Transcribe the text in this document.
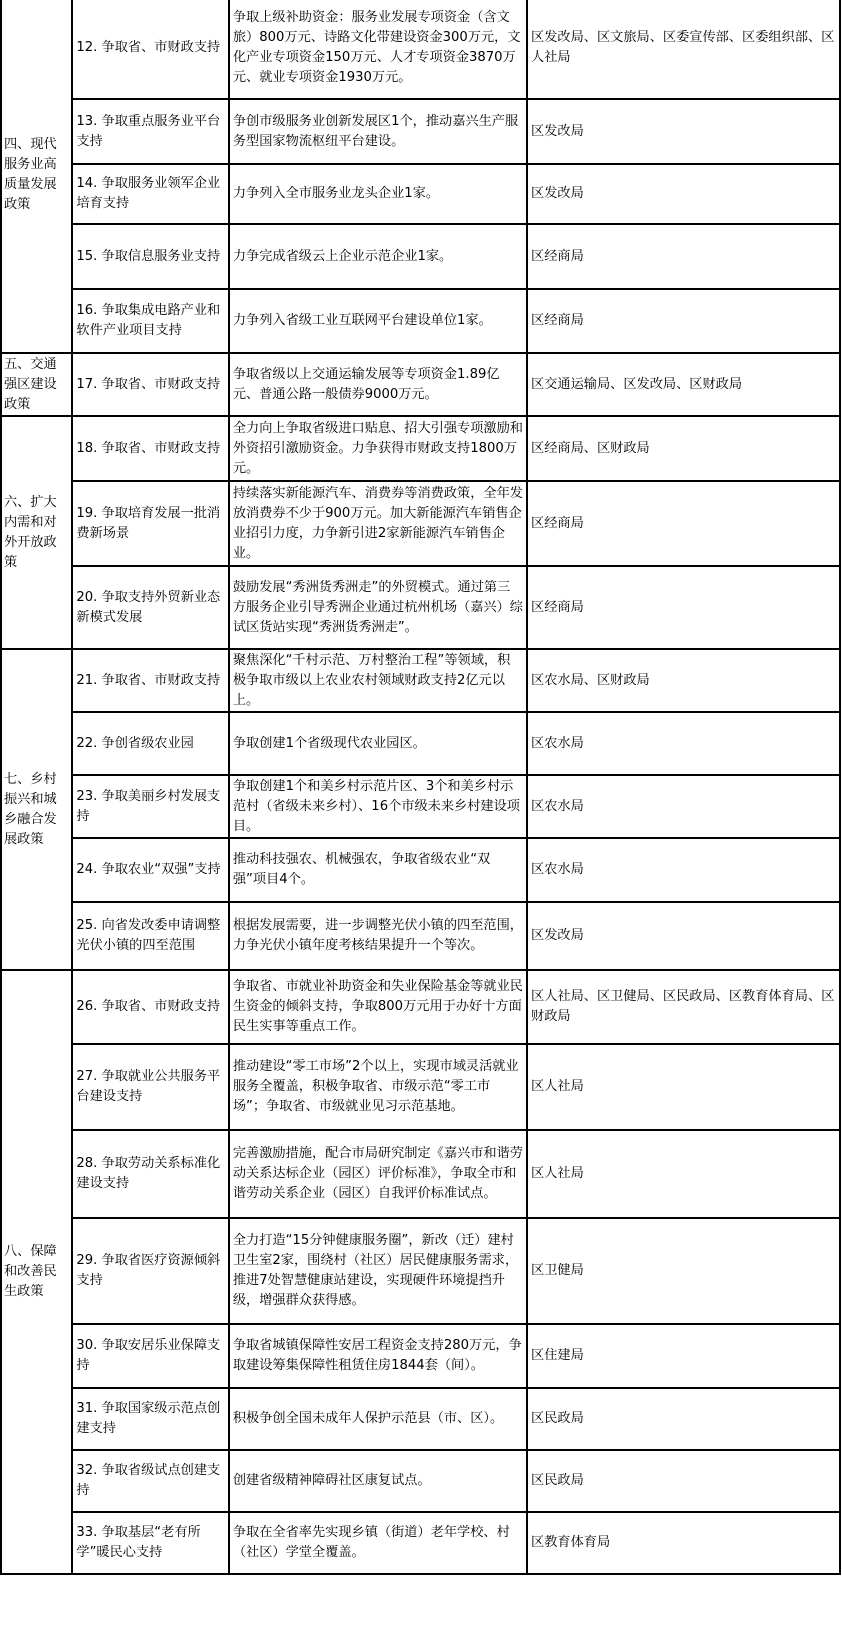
四、现代服务业高质量发展政策	12. 争取省、市财政支持	争取上级补助资金：服务业发展专项资金（含文旅）800万元、诗路文化带建设资金300万元，文化产业专项资金150万元、人才专项资金3870万元、就业专项资金1930万元。	区发改局、区文旅局、区委宣传部、区委组织部、区人社局
	13. 争取重点服务业平台支持	争创市级服务业创新发展区1个，推动嘉兴生产服务型国家物流枢纽平台建设。	区发改局
	14. 争取服务业领军企业培育支持	力争列入全市服务业龙头企业1家。	区发改局
	15. 争取信息服务业支持	力争完成省级云上企业示范企业1家。	区经商局
	16. 争取集成电路产业和软件产业项目支持	力争列入省级工业互联网平台建设单位1家。	区经商局
五、交通强区建设政策	17. 争取省、市财政支持	争取省级以上交通运输发展等专项资金1.89亿元、普通公路一般债券9000万元。	区交通运输局、区发改局、区财政局
六、扩大内需和对外开放政策	18. 争取省、市财政支持	全力向上争取省级进口贴息、招大引强专项激励和外资招引激励资金。力争获得市财政支持1800万元。	区经商局、区财政局
	19. 争取培育发展一批消费新场景	持续落实新能源汽车、消费券等消费政策，全年发放消费券不少于900万元。加大新能源汽车销售企业招引力度，力争新引进2家新能源汽车销售企业。	区经商局
	20. 争取支持外贸新业态新模式发展	鼓励发展“秀洲货秀洲走”的外贸模式。通过第三方服务企业引导秀洲企业通过杭州机场（嘉兴）综试区货站实现“秀洲货秀洲走”。	区经商局
七、乡村振兴和城乡融合发展政策	21. 争取省、市财政支持	聚焦深化“千村示范、万村整治工程”等领域，积极争取市级以上农业农村领域财政支持2亿元以上。	区农水局、区财政局
	22. 争创省级农业园	争取创建1个省级现代农业园区。	区农水局
	23. 争取美丽乡村发展支持	争取创建1个和美乡村示范片区、3个和美乡村示范村（省级未来乡村）、16个市级未来乡村建设项目。	区农水局
	24. 争取农业“双强”支持	推动科技强农、机械强农，争取省级农业“双强”项目4个。	区农水局
	25. 向省发改委申请调整光伏小镇的四至范围	根据发展需要，进一步调整光伏小镇的四至范围，力争光伏小镇年度考核结果提升一个等次。	区发改局
八、保障和改善民生政策	26. 争取省、市财政支持	争取省、市就业补助资金和失业保险基金等就业民生资金的倾斜支持，争取800万元用于办好十方面民生实事等重点工作。	区人社局、区卫健局、区民政局、区教育体育局、区财政局
	27. 争取就业公共服务平台建设支持	推动建设“零工市场”2个以上，实现市域灵活就业服务全覆盖，积极争取省、市级示范“零工市场”；争取省、市级就业见习示范基地。	区人社局
	28. 争取劳动关系标准化建设支持	完善激励措施，配合市局研究制定《嘉兴市和谐劳动关系达标企业（园区）评价标准》，争取全市和谐劳动关系企业（园区）自我评价标准试点。	区人社局
	29. 争取省医疗资源倾斜支持	全力打造“15分钟健康服务圈”，新改（迁）建村卫生室2家，围绕村（社区）居民健康服务需求，推进7处智慧健康站建设，实现硬件环境提挡升级，增强群众获得感。	区卫健局
	30. 争取安居乐业保障支持	争取省城镇保障性安居工程资金支持280万元，争取建设筹集保障性租赁住房1844套（间）。	区住建局
	31. 争取国家级示范点创建支持	积极争创全国未成年人保护示范县（市、区）。	区民政局
	32. 争取省级试点创建支持	创建省级精神障碍社区康复试点。	区民政局
	33. 争取基层“老有所学”暖民心支持	争取在全省率先实现乡镇（街道）老年学校、村（社区）学堂全覆盖。	区教育体育局
